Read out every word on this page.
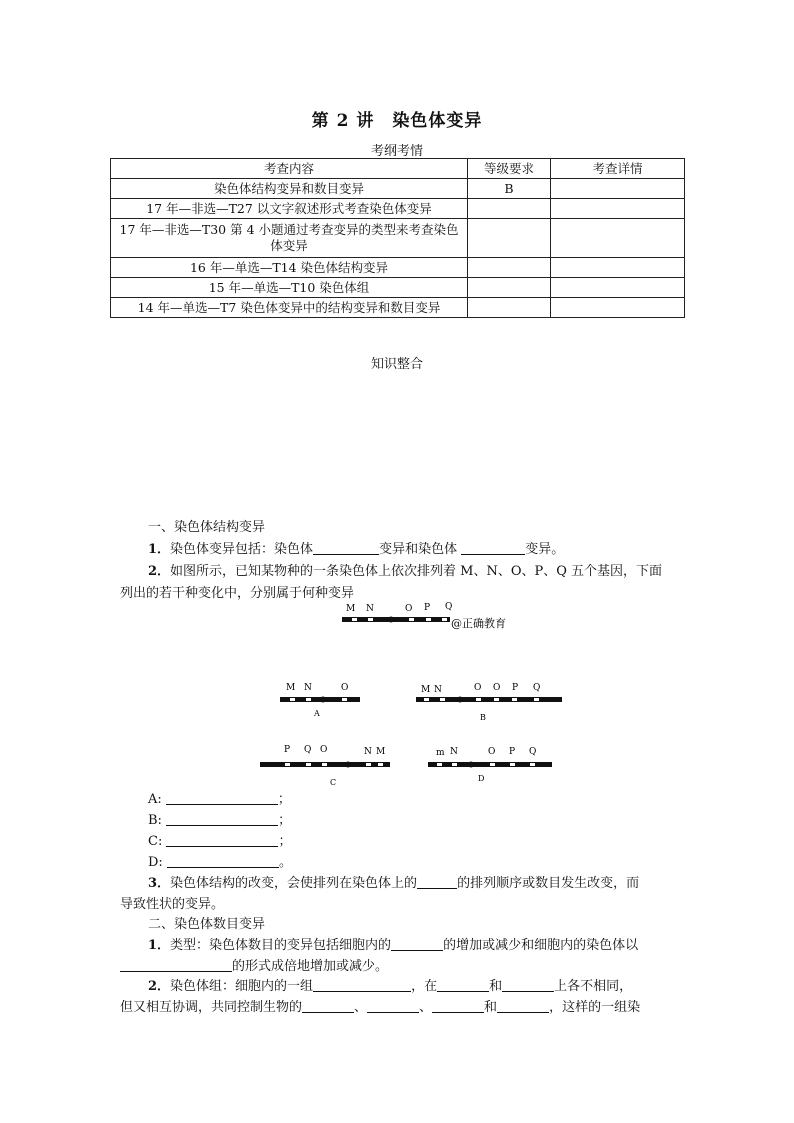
第 2 讲　染色体变异
考纲考情
考查内容	等级要求	考查详情
染色体结构变异和数目变异	B	
17 年—非选—T27 以文字叙述形式考查染色体变异		
17 年—非选—T30 第 4 小题通过考查变异的类型来考查染色体变异		
16 年—单选—T14 染色体结构变异		
15 年—单选—T10 染色体组		
14 年—单选—T7 染色体变异中的结构变异和数目变异		
知识整合
一、染色体结构变异
1．染色体变异包括：染色体	变异和染色体	变异。
2．如图所示，已知某物种的一条染色体上依次排列着 M、N、O、P、Q 五个基因，下面
列出的若干种变化中，分别属于何种变异
M N	O P Q
@正确教育
M N	O
A
M N	O O P Q
B
P Q O	N M
C
m N	O P Q
D
A:	；
B:	；
C:	；
D:	。
3．染色体结构的改变，会使排列在染色体上的	的排列顺序或数目发生改变，而
导致性状的变异。
二、染色体数目变异
1．类型：染色体数目的变异包括细胞内的	的增加或减少和细胞内的染色体以
的形式成倍地增加或减少。
2．染色体组：细胞内的一组	，在	和	上各不相同，
但又相互协调，共同控制生物的	、	、	和	，这样的一组染
